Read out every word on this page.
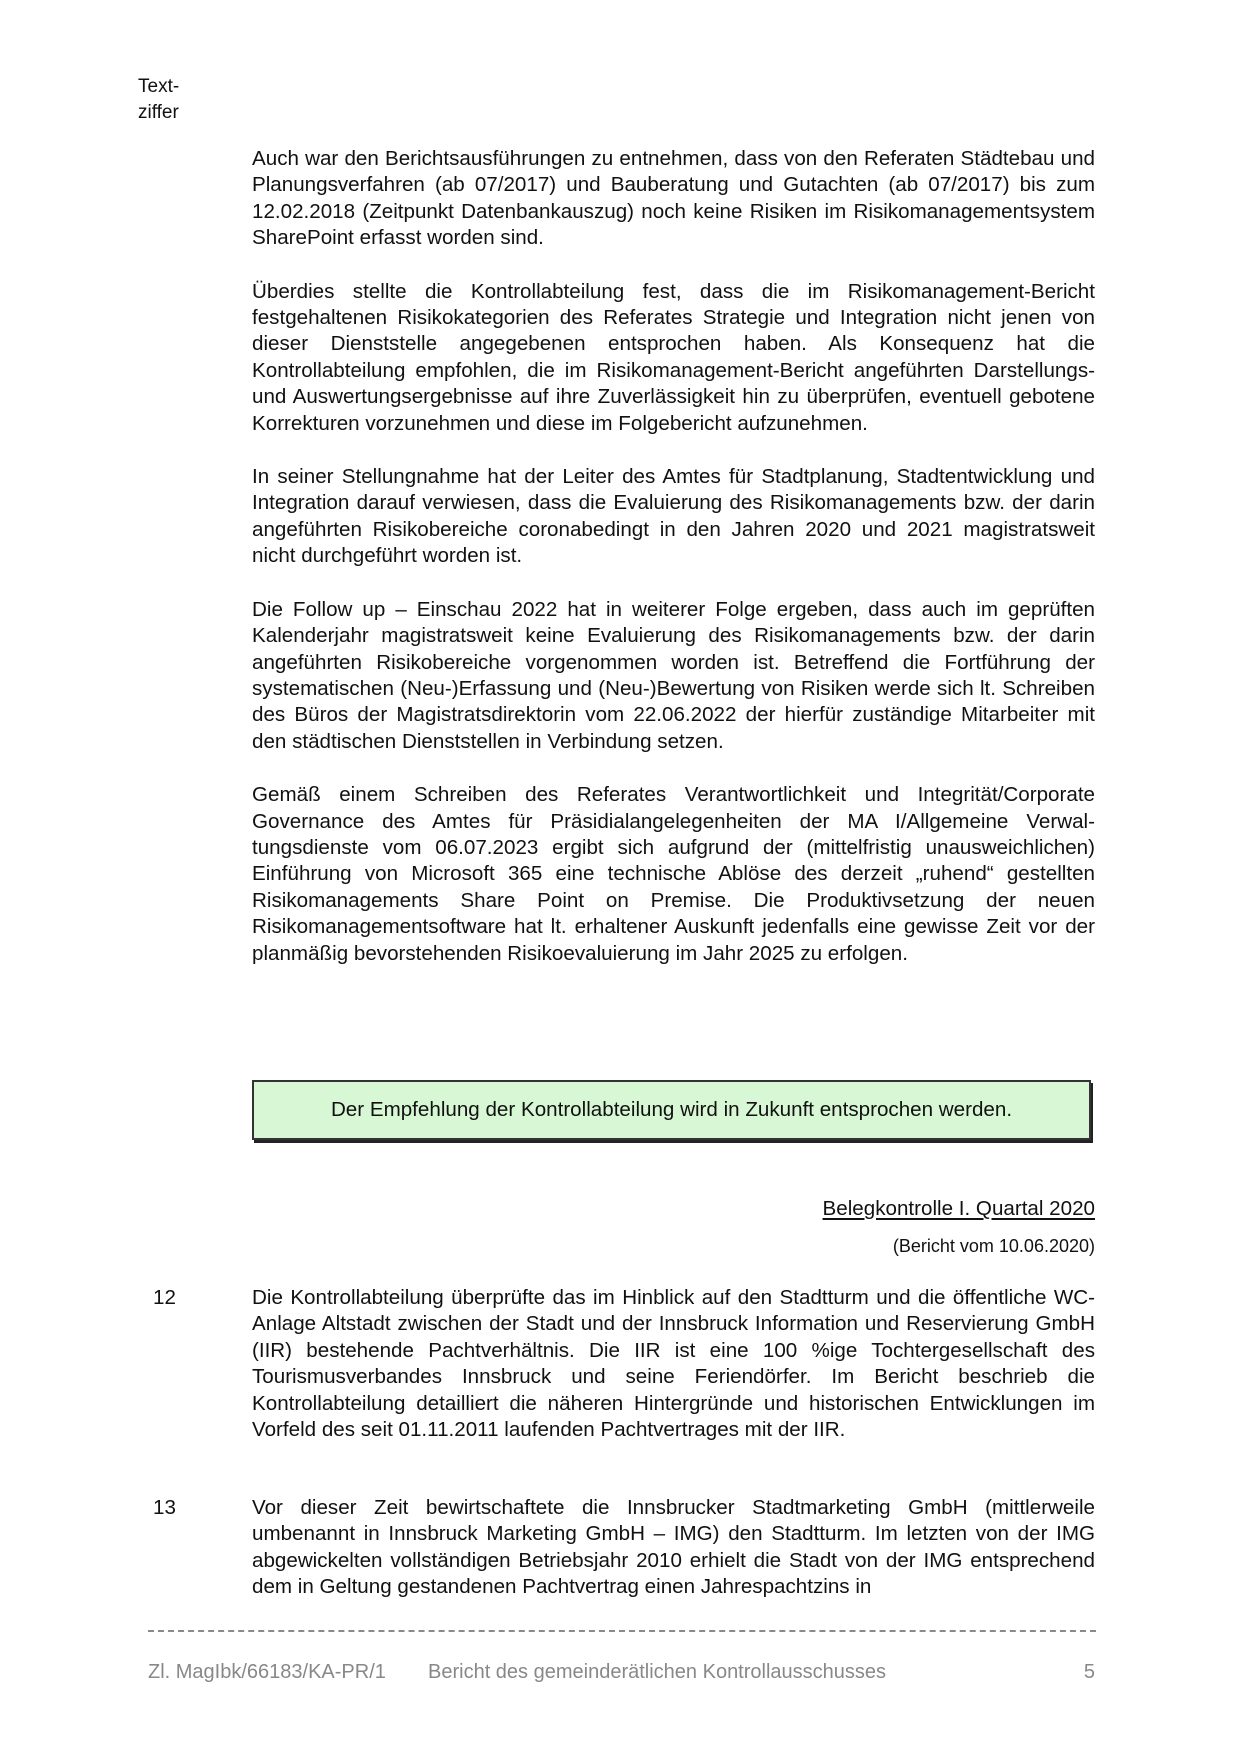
Text-
ziffer

Auch war den Berichtsausführungen zu entnehmen, dass von den Referaten Städtebau und Planungsverfahren (ab 07/2017) und Bauberatung und Gutachten (ab 07/2017) bis zum 12.02.2018 (Zeitpunkt Datenbankauszug) noch keine Risiken im Risikomanagementsystem SharePoint erfasst worden sind.

Überdies stellte die Kontrollabteilung fest, dass die im Risikomanagement-Bericht festgehaltenen Risikokategorien des Referates Strategie und Integration nicht jenen von dieser Dienststelle angegebenen entsprochen haben. Als Konsequenz hat die Kontrollabteilung empfohlen, die im Risikomanagement-Bericht angeführten Darstellungs- und Auswertungsergebnisse auf ihre Zuverlässigkeit hin zu überprüfen, eventuell gebotene Korrekturen vorzunehmen und diese im Folgebericht aufzunehmen.

In seiner Stellungnahme hat der Leiter des Amtes für Stadtplanung, Stadtentwicklung und Integration darauf verwiesen, dass die Evaluierung des Risikomanagements bzw. der darin angeführten Risikobereiche coronabedingt in den Jahren 2020 und 2021 magistratsweit nicht durchgeführt worden ist.

Die Follow up – Einschau 2022 hat in weiterer Folge ergeben, dass auch im geprüften Kalenderjahr magistratsweit keine Evaluierung des Risikomanagements bzw. der darin angeführten Risikobereiche vorgenommen worden ist. Betreffend die Fortführung der systematischen (Neu-)Erfassung und (Neu-)Bewertung von Risiken werde sich lt. Schreiben des Büros der Magistratsdirektorin vom 22.06.2022 der hierfür zuständige Mitarbeiter mit den städtischen Dienststellen in Verbindung setzen.

Gemäß einem Schreiben des Referates Verantwortlichkeit und Integrität/Corporate Governance des Amtes für Präsidialangelegenheiten der MA I/Allgemeine Verwaltungsdienste vom 06.07.2023 ergibt sich aufgrund der (mittelfristig unausweichlichen) Einführung von Microsoft 365 eine technische Ablöse des derzeit „ruhend“ gestellten Risikomanagements Share Point on Premise. Die Produktivsetzung der neuen Risikomanagementsoftware hat lt. erhaltener Auskunft jedenfalls eine gewisse Zeit vor der planmäßig bevorstehenden Risikoevaluierung im Jahr 2025 zu erfolgen.

Der Empfehlung der Kontrollabteilung wird in Zukunft entsprochen werden.
Belegkontrolle I. Quartal 2020
(Bericht vom 10.06.2020)
12	Die Kontrollabteilung überprüfte das im Hinblick auf den Stadtturm und die öffentliche WC-Anlage Altstadt zwischen der Stadt und der Innsbruck Information und Reservierung GmbH (IIR) bestehende Pachtverhältnis. Die IIR ist eine 100 %ige Tochtergesellschaft des Tourismusverbandes Innsbruck und seine Feriendörfer. Im Bericht beschrieb die Kontrollabteilung detailliert die näheren Hintergründe und historischen Entwicklungen im Vorfeld des seit 01.11.2011 laufenden Pachtvertrages mit der IIR.

13	Vor dieser Zeit bewirtschaftete die Innsbrucker Stadtmarketing GmbH (mittlerweile umbenannt in Innsbruck Marketing GmbH – IMG) den Stadtturm. Im letzten von der IMG abgewickelten vollständigen Betriebsjahr 2010 erhielt die Stadt von der IMG entsprechend dem in Geltung gestandenen Pachtvertrag einen Jahrespachtzins in

Zl. MagIbk/66183/KA-PR/1 Bericht des gemeinderätlichen Kontrollausschusses	5
